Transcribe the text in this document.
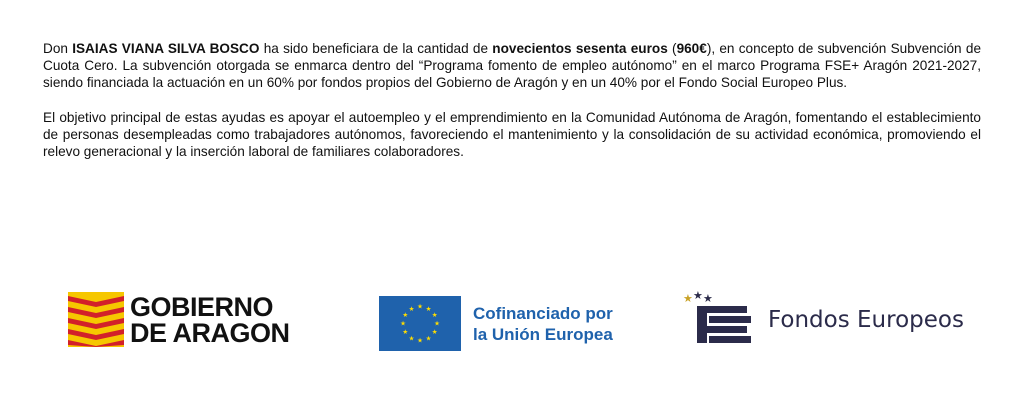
Don ISAIAS VIANA SILVA BOSCO ha sido beneficiara de la cantidad de novecientos sesenta euros (960€), en concepto de subvención Subvención de Cuota Cero. La subvención otorgada se enmarca dentro del “Programa fomento de empleo autónomo” en el marco Programa FSE+ Aragón 2021-2027, siendo financiada la actuación en un 60% por fondos propios del Gobierno de Aragón y en un 40% por el Fondo Social Europeo Plus.

El objetivo principal de estas ayudas es apoyar el autoempleo y el emprendimiento en la Comunidad Autónoma de Aragón, fomentando el establecimiento de personas desempleadas como trabajadores autónomos, favoreciendo el mantenimiento y la consolidación de su actividad económica, promoviendo el relevo generacional y la inserción laboral de familiares colaboradores.

GOBIERNO
DE ARAGON
★ ★
★
★
★
★
★
★
★
★
★
★	Cofinanciado por
la Unión Europea
★ ★ ★
Fondos Europeos
